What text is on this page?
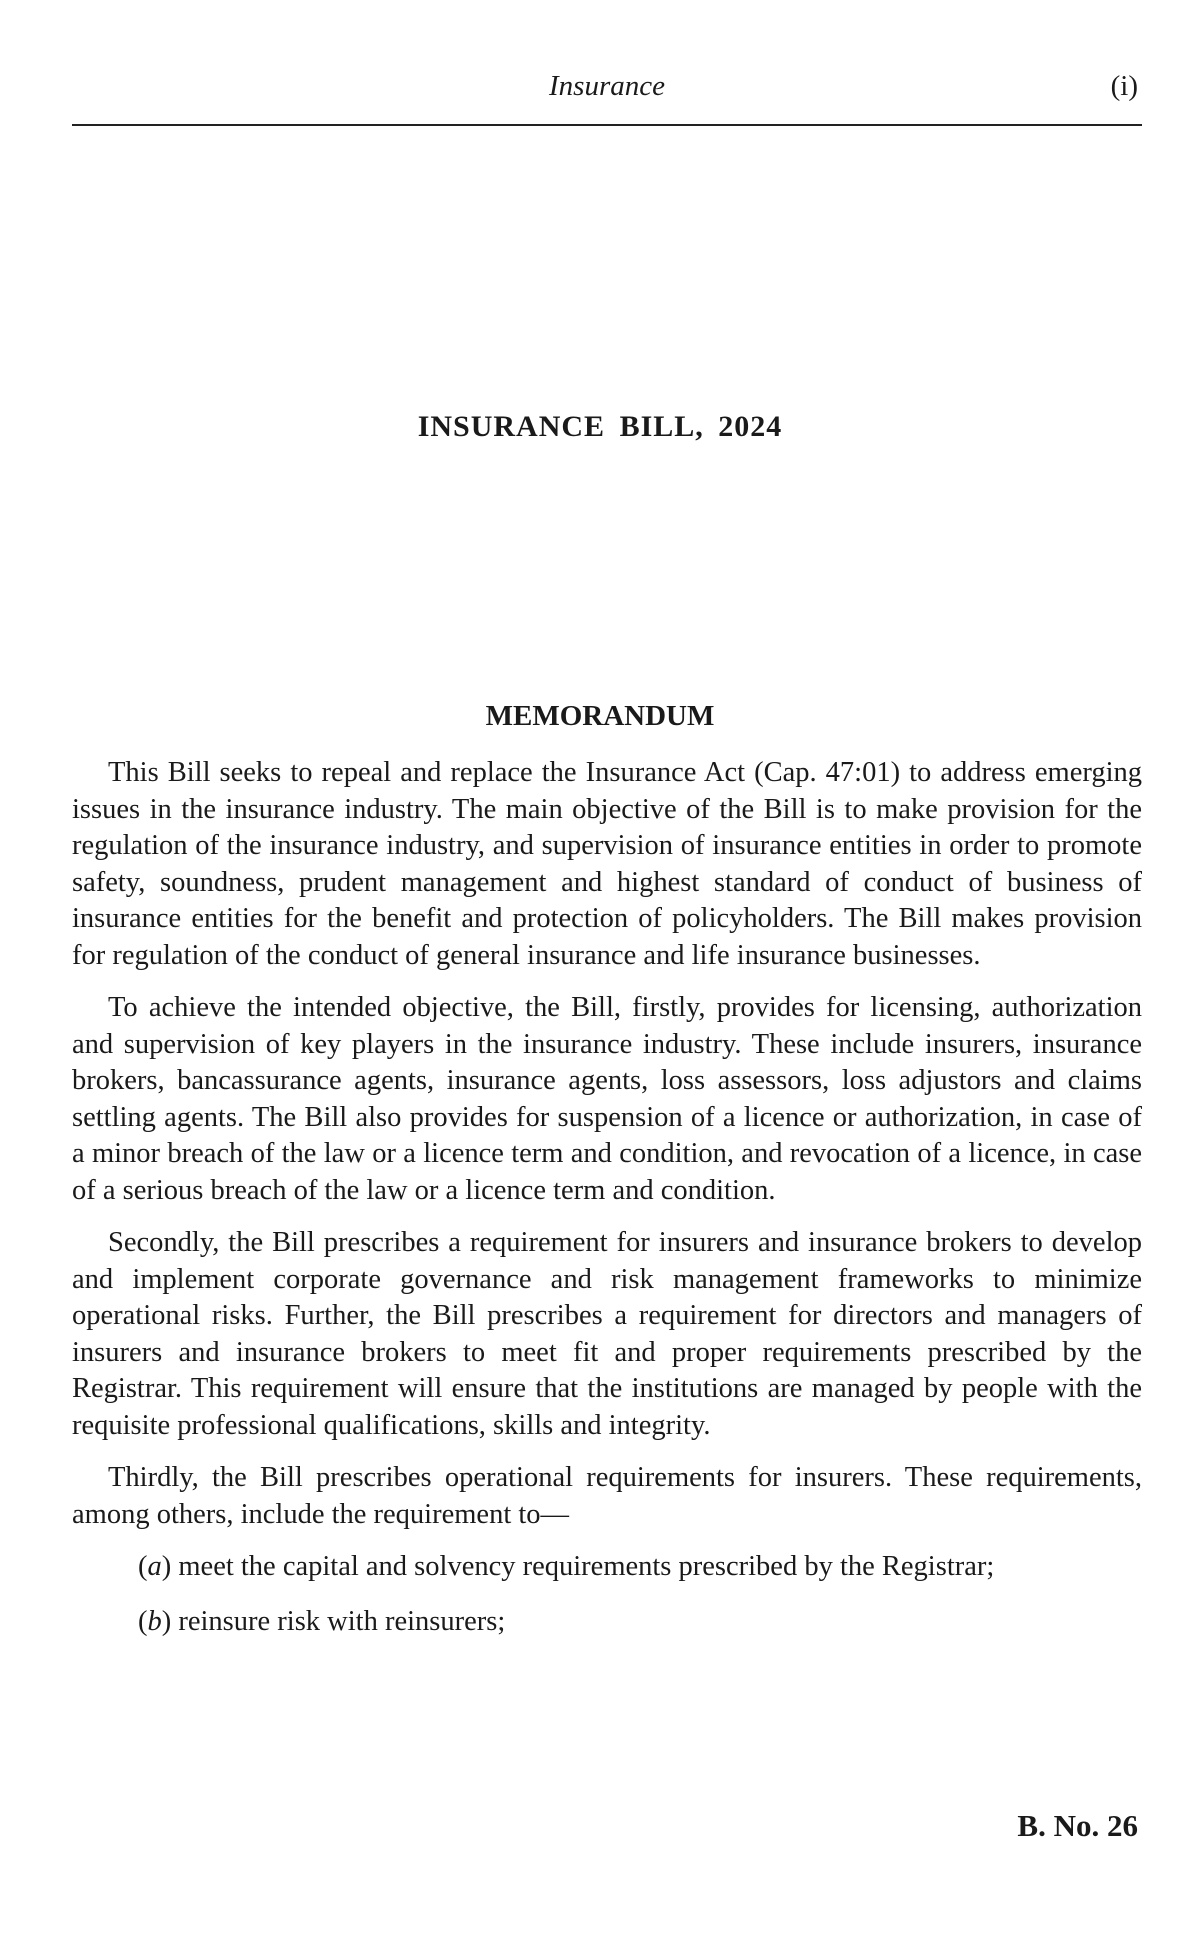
Insurance	(i)
INSURANCE BILL, 2024
MEMORANDUM

This Bill seeks to repeal and replace the Insurance Act (Cap. 47:01) to address emerging issues in the insurance industry. The main objective of the Bill is to make provision for the regulation of the insurance industry, and supervision of insurance entities in order to promote safety, soundness, prudent management and highest standard of conduct of business of insurance entities for the benefit and protection of policyholders. The Bill makes provision for regulation of the conduct of general insurance and life insurance businesses.

To achieve the intended objective, the Bill, firstly, provides for licensing, authorization and supervision of key players in the insurance industry. These include insurers, insurance brokers, bancassurance agents, insurance agents, loss assessors, loss adjustors and claims settling agents. The Bill also provides for suspension of a licence or authorization, in case of a minor breach of the law or a licence term and condition, and revocation of a licence, in case of a serious breach of the law or a licence term and condition.

Secondly, the Bill prescribes a requirement for insurers and insurance brokers to develop and implement corporate governance and risk management frameworks to minimize operational risks. Further, the Bill prescribes a requirement for directors and managers of insurers and insurance brokers to meet fit and proper requirements prescribed by the Registrar. This requirement will ensure that the institutions are managed by people with the requisite professional qualifications, skills and integrity.

Thirdly, the Bill prescribes operational requirements for insurers. These requirements, among others, include the requirement to—

(a) meet the capital and solvency requirements prescribed by the Registrar;

(b) reinsure risk with reinsurers;

B. No. 26
